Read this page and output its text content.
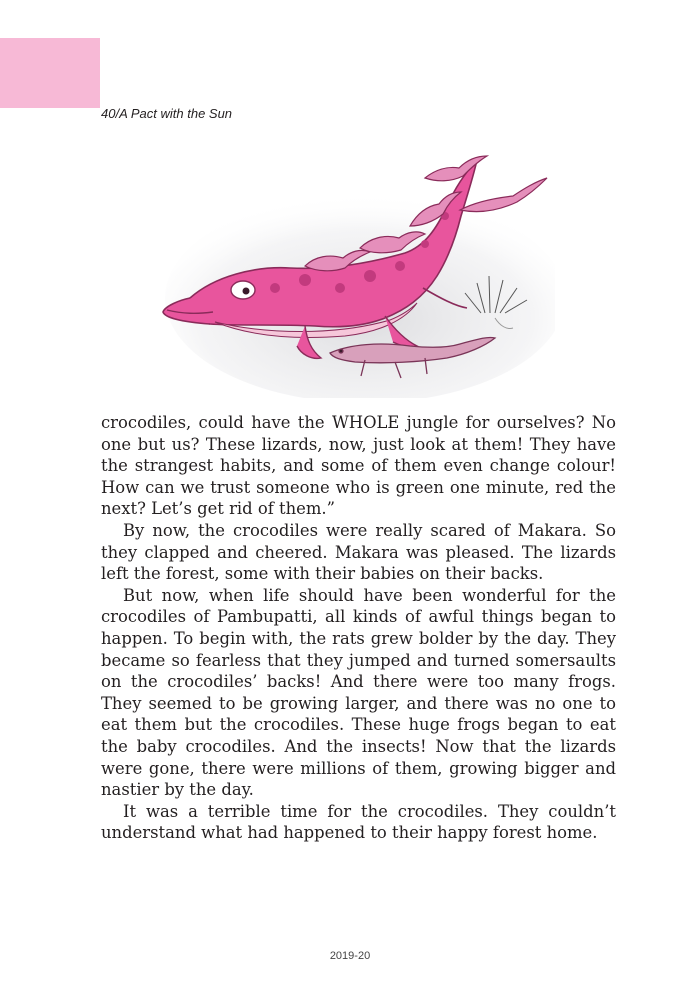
40/A Pact with the Sun

crocodiles, could have the WHOLE jungle for ourselves? No one but us? These lizards, now, just look at them! They have the strangest habits, and some of them even change colour! How can we trust someone who is green one minute, red the next? Let’s get rid of them.”

By now, the crocodiles were really scared of Makara. So they clapped and cheered. Makara was pleased. The lizards left the forest, some with their babies on their backs.

But now, when life should have been wonderful for the crocodiles of Pambupatti, all kinds of awful things began to happen. To begin with, the rats grew bolder by the day. They became so fearless that they jumped and turned somersaults on the crocodiles’ backs! And there were too many frogs. They seemed to be growing larger, and there was no one to eat them but the crocodiles. These huge frogs began to eat the baby crocodiles. And the insects! Now that the lizards were gone, there were millions of them, growing bigger and nastier by the day.

It was a terrible time for the crocodiles. They couldn’t understand what had happened to their happy forest home.

2019-20
